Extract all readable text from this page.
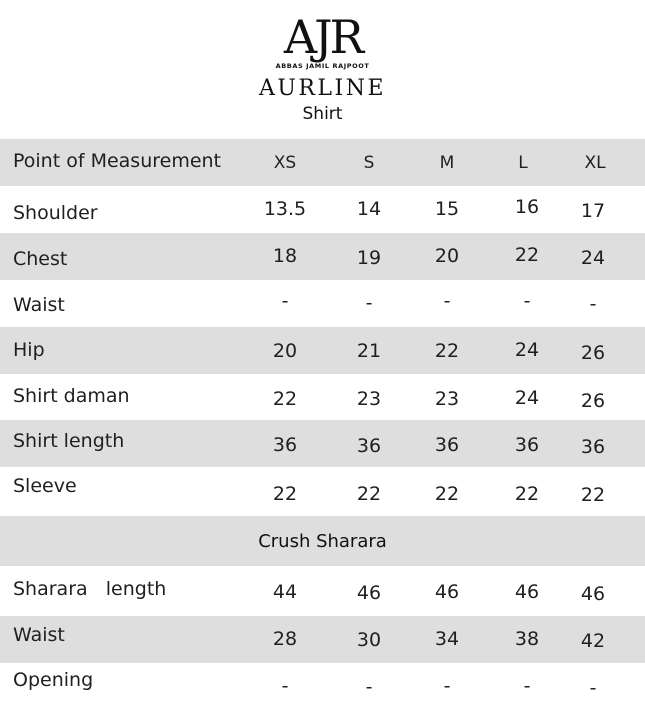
AJR
ABBAS JAMIL RAJPOOT
AURLINE
Shirt
Point of Measurement	XS	S	M	L	XL
Shoulder	13.5	14	15	16	17
Chest	18	19	20	22	24
Waist	-	-	-	-	-
Hip	20	21	22	24	26
Shirt daman	22	23	23	24	26
Shirt length	36	36	36	36	36
Sleeve	22	22	22	22	22
Crush Sharara
Sharara   length	44	46	46	46	46
Waist	28	30	34	38	42
Opening	-	-	-	-	-
